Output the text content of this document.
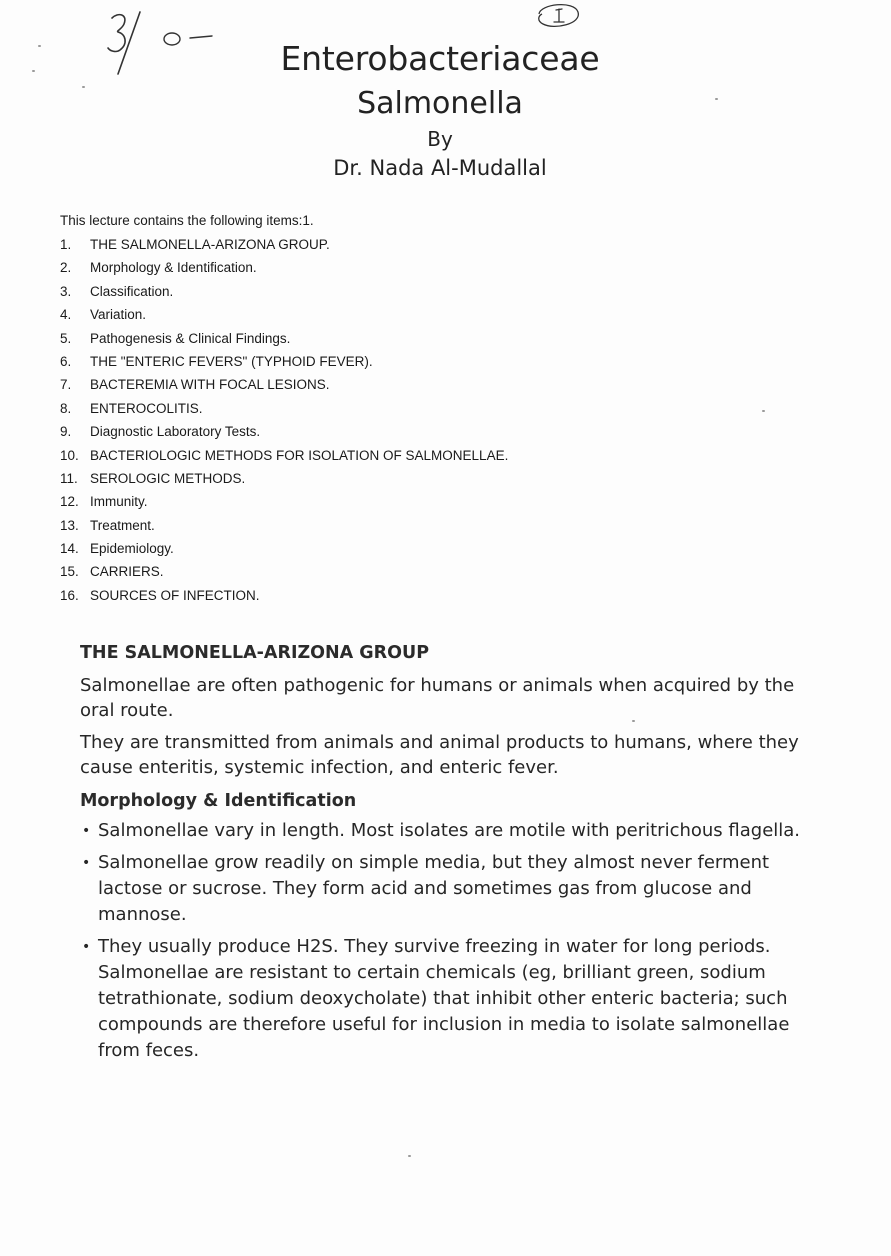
Enterobacteriaceae
Salmonella
By
Dr. Nada Al-Mudallal
This lecture contains the following items:1.
1. THE SALMONELLA-ARIZONA GROUP.
2. Morphology & Identification.
3. Classification.
4. Variation.
5. Pathogenesis & Clinical Findings.
6. THE "ENTERIC FEVERS" (TYPHOID FEVER).
7. BACTEREMIA WITH FOCAL LESIONS.
8. ENTEROCOLITIS.
9. Diagnostic Laboratory Tests.
10. BACTERIOLOGIC METHODS FOR ISOLATION OF SALMONELLAE.
11. SEROLOGIC METHODS.
12. Immunity.
13. Treatment.
14. Epidemiology.
15. CARRIERS.
16. SOURCES OF INFECTION.
THE SALMONELLA-ARIZONA GROUP

Salmonellae are often pathogenic for humans or animals when acquired by the oral route.

They are transmitted from animals and animal products to humans, where they cause enteritis, systemic infection, and enteric fever.

Morphology & Identification
• Salmonellae vary in length. Most isolates are motile with peritrichous flagella.
• Salmonellae grow readily on simple media, but they almost never ferment lactose or sucrose. They form acid and sometimes gas from glucose and mannose.
• They usually produce H2S. They survive freezing in water for long periods. Salmonellae are resistant to certain chemicals (eg, brilliant green, sodium tetrathionate, sodium deoxycholate) that inhibit other enteric bacteria; such compounds are therefore useful for inclusion in media to isolate salmonellae from feces.
